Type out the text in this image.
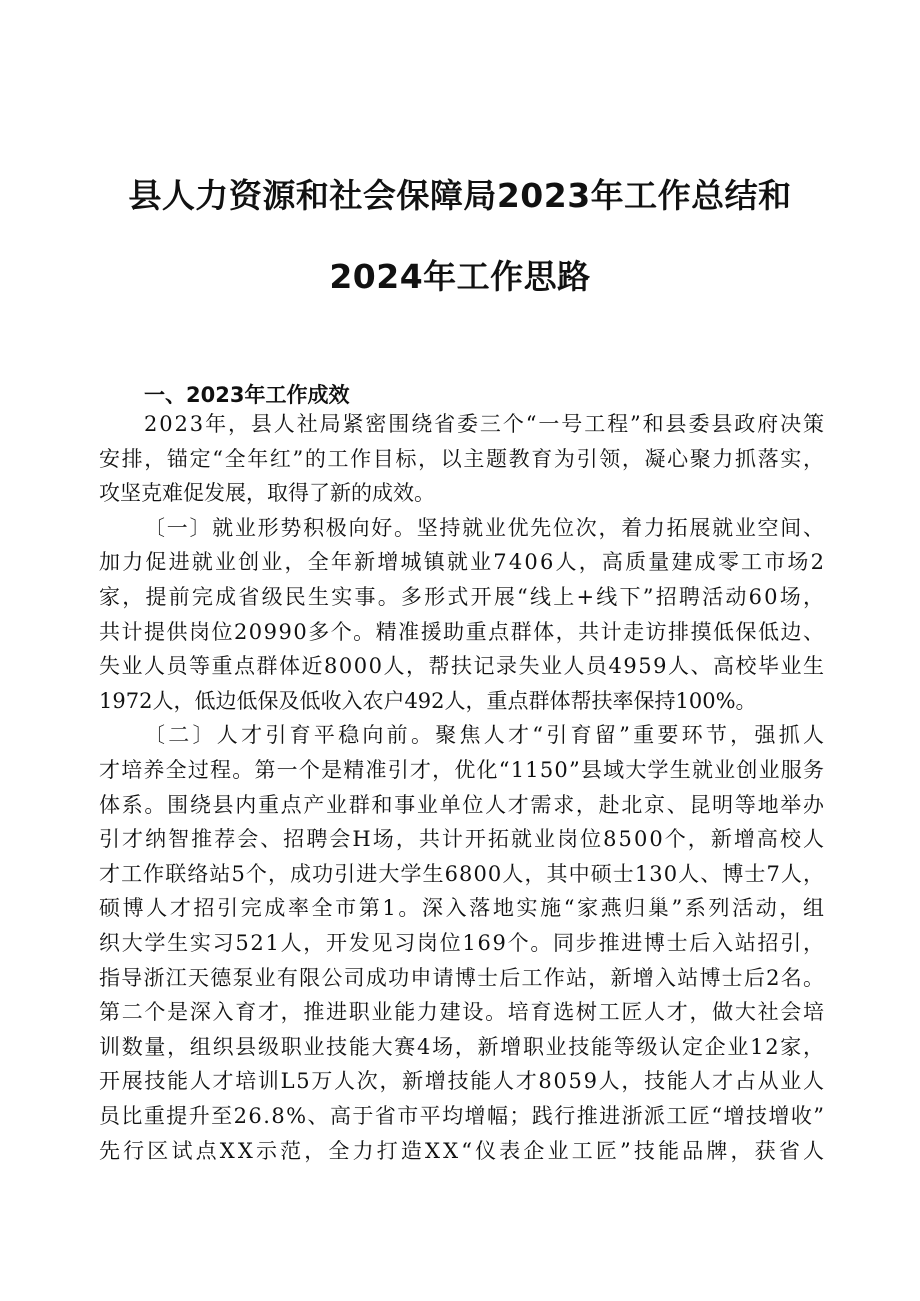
县人力资源和社会保障局2023年工作总结和
2024年工作思路
一、2023年工作成效
2023年，县人社局紧密围绕省委三个“一号工程”和县委县政府决策
安排，锚定“全年红”的工作目标，以主题教育为引领，凝心聚力抓落实，
攻坚克难促发展，取得了新的成效。
〔一〕就业形势积极向好。坚持就业优先位次，着力拓展就业空间、
加力促进就业创业，全年新增城镇就业7406人，高质量建成零工市场2
家，提前完成省级民生实事。多形式开展“线上+线下”招聘活动60场，
共计提供岗位20990多个。精准援助重点群体，共计走访排摸低保低边、
失业人员等重点群体近8000人，帮扶记录失业人员4959人、高校毕业生
1972人，低边低保及低收入农户492人，重点群体帮扶率保持100%。
〔二〕人才引育平稳向前。聚焦人才“引育留”重要环节，强抓人
才培养全过程。第一个是精准引才，优化“1150”县域大学生就业创业服务
体系。围绕县内重点产业群和事业单位人才需求，赴北京、昆明等地举办
引才纳智推荐会、招聘会H场，共计开拓就业岗位8500个，新增高校人
才工作联络站5个，成功引进大学生6800人，其中硕士130人、博士7人，
硕博人才招引完成率全市第1。深入落地实施“家燕归巢”系列活动，组
织大学生实习521人，开发见习岗位169个。同步推进博士后入站招引，
指导浙江天德泵业有限公司成功申请博士后工作站，新增入站博士后2名。
第二个是深入育才，推进职业能力建设。培育选树工匠人才，做大社会培
训数量，组织县级职业技能大赛4场，新增职业技能等级认定企业12家，
开展技能人才培训L5万人次，新增技能人才8059人，技能人才占从业人
员比重提升至26.8%、高于省市平均增幅；践行推进浙派工匠“增技增收”
先行区试点XX示范，全力打造XX“仪表企业工匠”技能品牌，获省人
